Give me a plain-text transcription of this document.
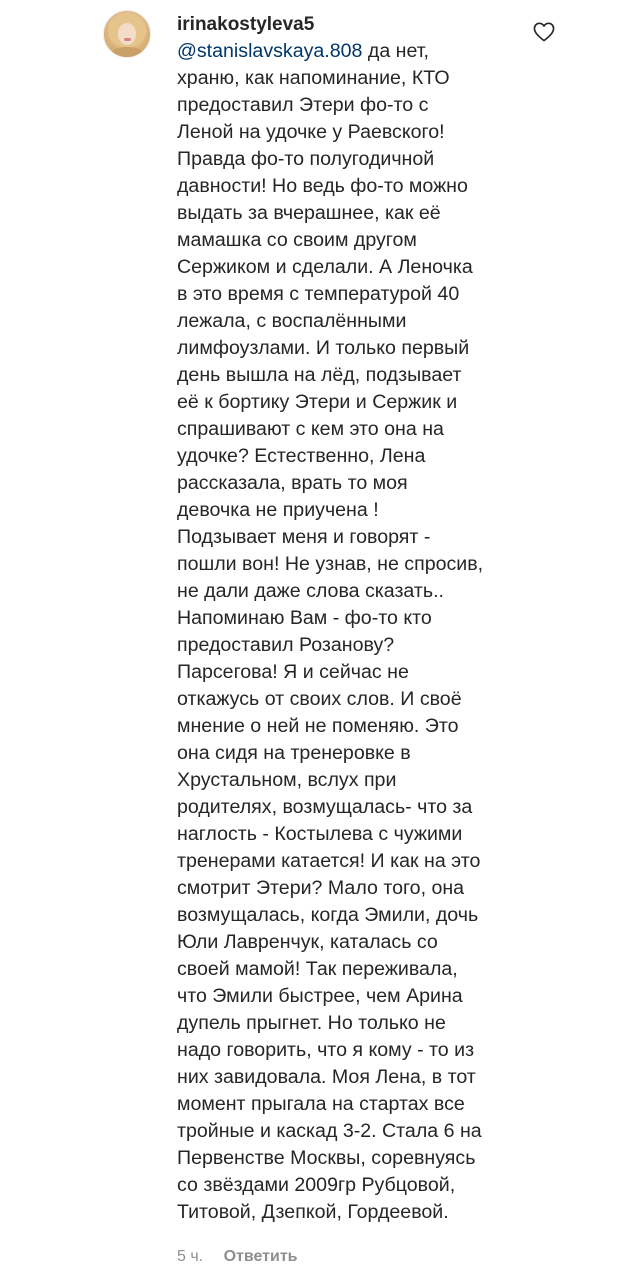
irinakostyleva5

@stanislavskaya.808 да нет,
храню, как напоминание, КТО
предоставил Этери фо-то с
Леной на удочке у Раевского!
Правда фо-то полугодичной
давности! Но ведь фо-то можно
выдать за вчерашнее, как её
мамашка со своим другом
Сержиком и сделали. А Леночка
в это время с температурой 40
лежала, с воспалёнными
лимфоузлами. И только первый
день вышла на лёд, подзывает
её к бортику Этери и Сержик и
спрашивают с кем это она на
удочке? Естественно, Лена
рассказала, врать то моя
девочка не приучена !
Подзывает меня и говорят -
пошли вон! Не узнав, не спросив,
не дали даже слова сказать..
Напоминаю Вам - фо-то кто
предоставил Розанову?
Парсегова! Я и сейчас не
откажусь от своих слов. И своё
мнение о ней не поменяю. Это
она сидя на тренеровке в
Хрустальном, вслух при
родителях, возмущалась- что за
наглость - Костылева с чужими
тренерами катается! И как на это
смотрит Этери? Мало того, она
возмущалась, когда Эмили, дочь
Юли Лавренчук, каталась со
своей мамой! Так переживала,
что Эмили быстрее, чем Арина
дупель прыгнет. Но только не
надо говорить, что я кому - то из
них завидовала. Моя Лена, в тот
момент прыгала на стартах все
тройные и каскад 3-2. Стала 6 на
Первенстве Москвы, соревнуясь
со звёздами 2009гр Рубцовой,
Титовой, Дзепкой, Гордеевой.

5 ч. Ответить
